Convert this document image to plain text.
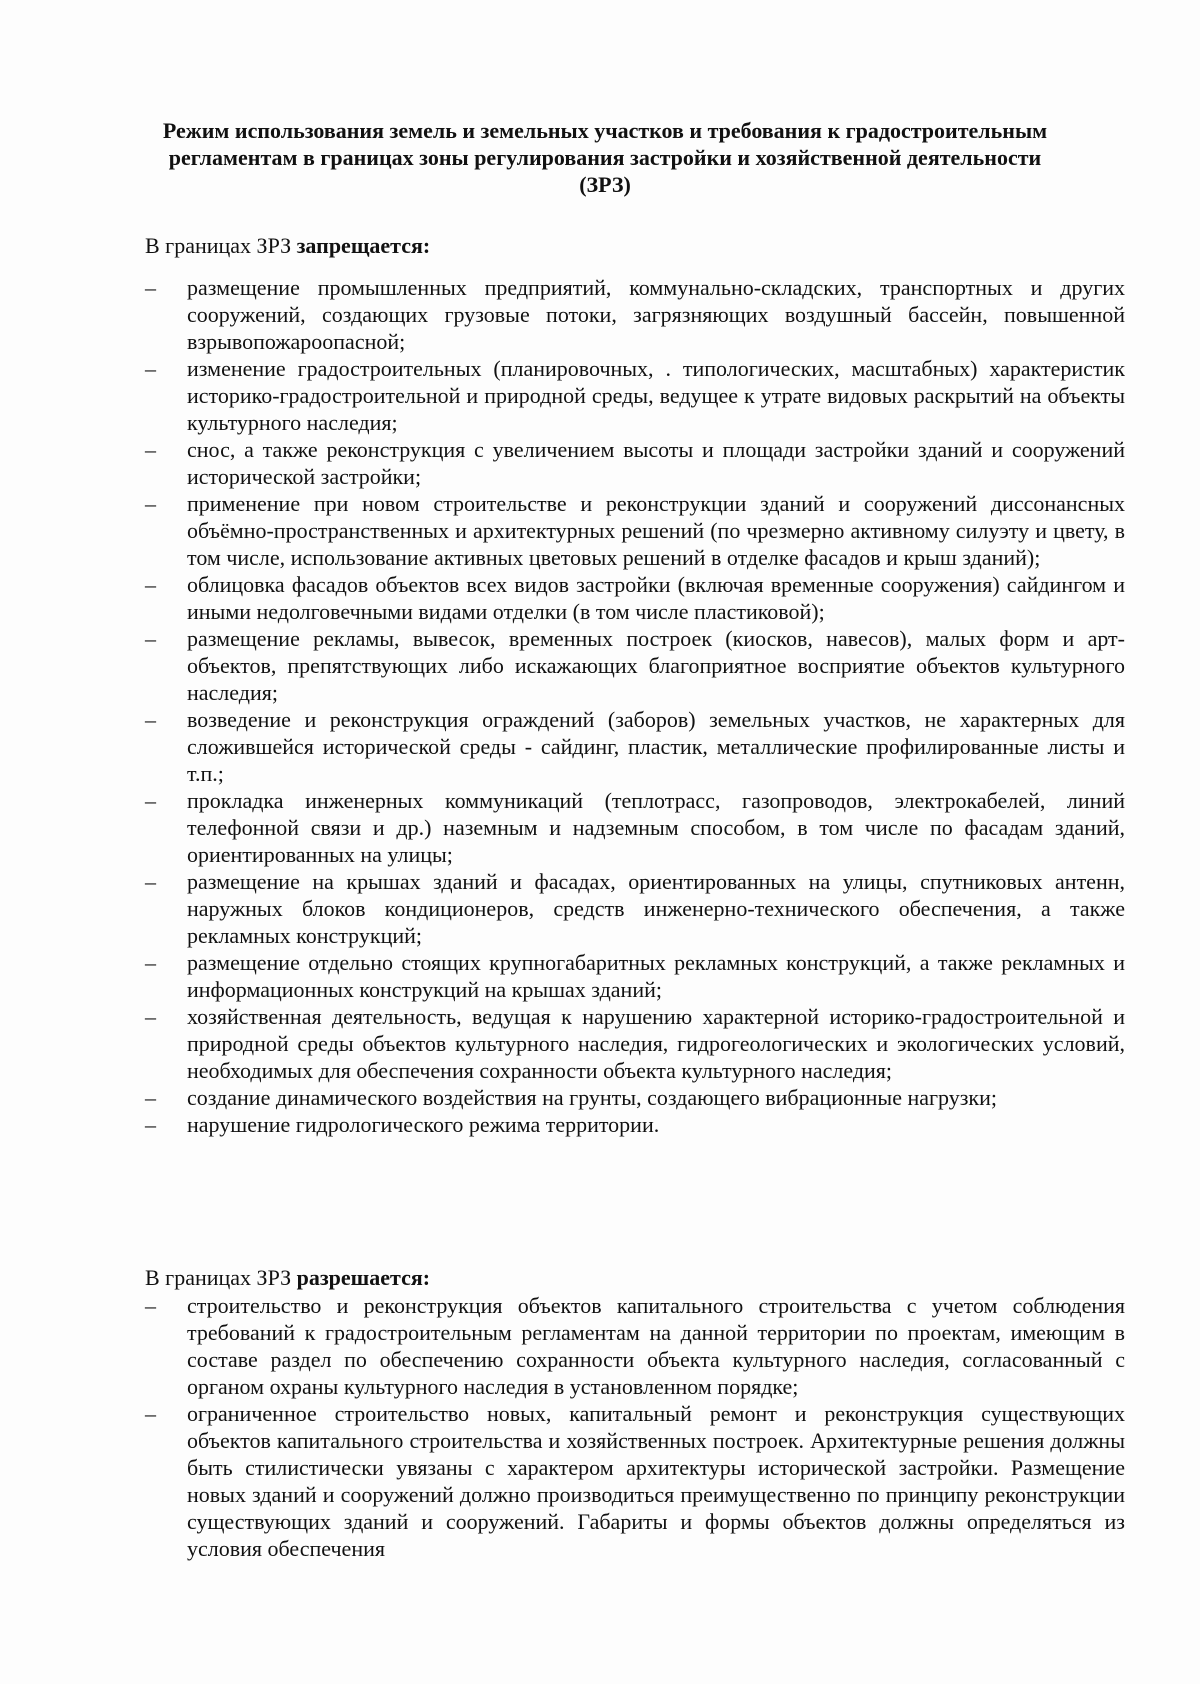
Режим использования земель и земельных участков и требования к градостроительным регламентам в границах зоны регулирования застройки и хозяйственной деятельности (ЗРЗ)
В границах ЗРЗ запрещается:
– размещение промышленных предприятий, коммунально-складских, транспортных и других сооружений, создающих грузовые потоки, загрязняющих воздушный бассейн, повышенной взрывопожароопасной;
– изменение градостроительных (планировочных, . типологических, масштабных) характеристик историко-градостроительной и природной среды, ведущее к утрате видовых раскрытий на объекты культурного наследия;
– снос, а также реконструкция с увеличением высоты и площади застройки зданий и сооружений исторической застройки;
– применение при новом строительстве и реконструкции зданий и сооружений диссонансных объёмно-пространственных и архитектурных решений (по чрезмерно активному силуэту и цвету, в том числе, использование активных цветовых решений в отделке фасадов и крыш зданий);
– облицовка фасадов объектов всех видов застройки (включая временные сооружения) сайдингом и иными недолговечными видами отделки (в том числе пластиковой);
– размещение рекламы, вывесок, временных построек (киосков, навесов), малых форм и арт-объектов, препятствующих либо искажающих благоприятное восприятие объектов культурного наследия;
– возведение и реконструкция ограждений (заборов) земельных участков, не характерных для сложившейся исторической среды - сайдинг, пластик, металлические профилированные листы и т.п.;
– прокладка инженерных коммуникаций (теплотрасс, газопроводов, электрокабелей, линий телефонной связи и др.) наземным и надземным способом, в том числе по фасадам зданий, ориентированных на улицы;
– размещение на крышах зданий и фасадах, ориентированных на улицы, спутниковых антенн, наружных блоков кондиционеров, средств инженерно-технического обеспечения, а также рекламных конструкций;
– размещение отдельно стоящих крупногабаритных рекламных конструкций, а также рекламных и информационных конструкций на крышах зданий;
– хозяйственная деятельность, ведущая к нарушению характерной историко-градостроительной и природной среды объектов культурного наследия, гидрогеологических и экологических условий, необходимых для обеспечения сохранности объекта культурного наследия;
– создание динамического воздействия на грунты, создающего вибрационные нагрузки;
– нарушение гидрологического режима территории.
В границах ЗРЗ разрешается:
– строительство и реконструкция объектов капитального строительства с учетом соблюдения требований к градостроительным регламентам на данной территории по проектам, имеющим в составе раздел по обеспечению сохранности объекта культурного наследия, согласованный с органом охраны культурного наследия в установленном порядке;
– ограниченное строительство новых, капитальный ремонт и реконструкция существующих объектов капитального строительства и хозяйственных построек. Архитектурные решения должны быть стилистически увязаны с характером архитектуры исторической застройки. Размещение новых зданий и сооружений должно производиться преимущественно по принципу реконструкции существующих зданий и сооружений. Габариты и формы объектов должны определяться из условия обеспечения
